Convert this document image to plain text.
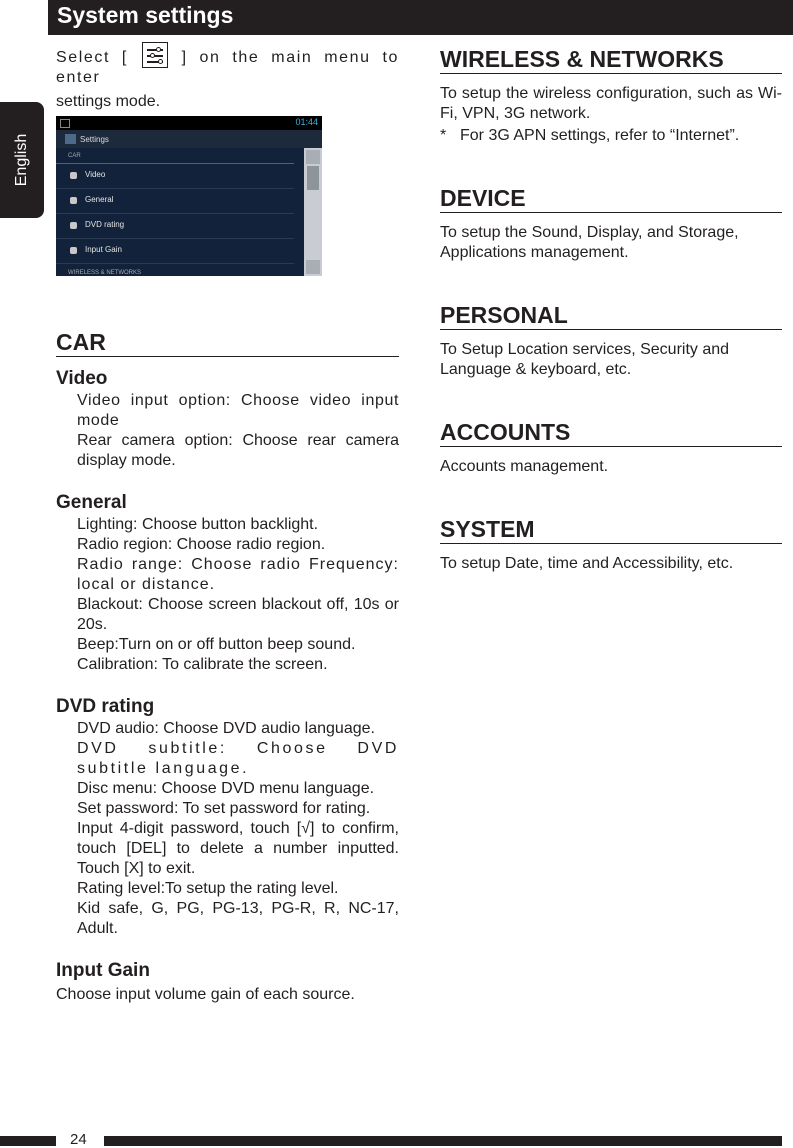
System settings
English

Select [	] on the main menu to enter

settings mode.

CAR
Video

Video input option: Choose video input mode

Rear camera option: Choose rear camera display mode.

General

Lighting: Choose button backlight.

Radio region: Choose radio region.

Radio range: Choose radio Frequency: local or distance.

Blackout: Choose screen blackout off, 10s or 20s.

Beep:Turn on or off button beep sound.

Calibration: To calibrate the screen.

DVD rating

DVD audio: Choose DVD audio language.

DVD subtitle: Choose DVD subtitle language.

Disc menu: Choose DVD menu language.

Set password: To set password for rating.

Input 4-digit password, touch [√] to confirm, touch [DEL] to delete a number inputted. Touch [X] to exit.

Rating level:To setup the rating level.

Kid safe, G, PG, PG-13, PG-R, R, NC-17, Adult.

Input Gain

Choose input volume gain of each source.

01:44
Settings
CAR
Video
General
DVD rating
Input Gain
WIRELESS & NETWORKS
WIRELESS & NETWORKS

To setup the wireless configuration, such as Wi-Fi, VPN, 3G network.

* For 3G APN settings, refer to “Internet”.

DEVICE

To setup the Sound, Display, and Storage, Applications management.

PERSONAL

To Setup Location services, Security and Language & keyboard, etc.

ACCOUNTS

Accounts management.

SYSTEM

To setup Date, time and Accessibility, etc.

24
